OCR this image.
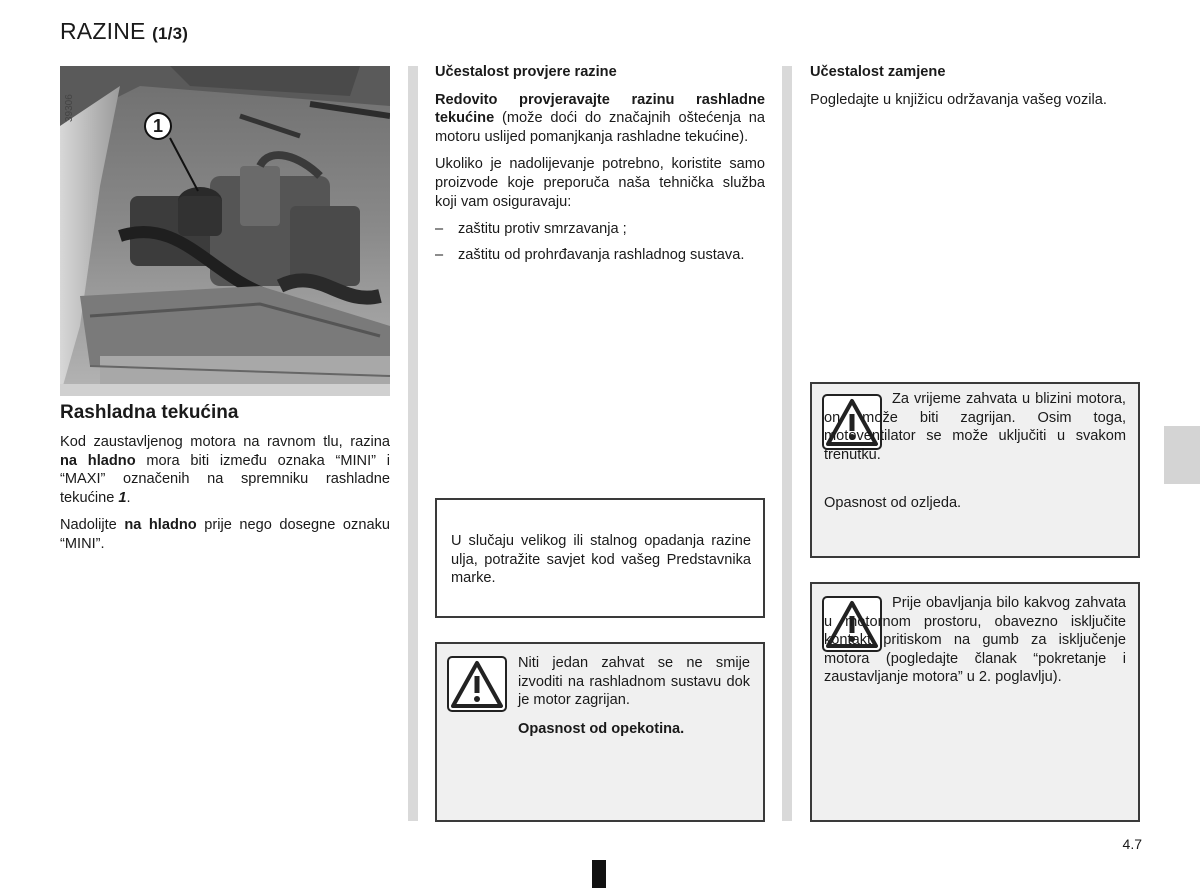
RAZINE (1/3)
1
39306
Rashladna tekućina

Kod zaustavljenog motora na ravnom tlu, razina na hladno mora biti između oznaka “MINI” i “MAXI” označenih na spremniku rashladne tekućine 1.

Nadolijte na hladno prije nego dosegne oznaku “MINI”.

Učestalost provjere razine

Redovito provjeravajte razinu rashladne tekućine (može doći do značajnih oštećenja na motoru uslijed pomanjkanja rashladne tekućine).

Ukoliko je nadolijevanje potrebno, koristite samo proizvode koje preporuča naša tehnička služba koji vam osiguravaju:

– zaštitu protiv smrzavanja ;
– zaštitu od prohrđavanja rashladnog sustava.

Učestalost zamjene

Pogledajte u knjižicu održavanja vašeg vozila.

U slučaju velikog ili stalnog opadanja razine ulja, potražite savjet kod vašeg Predstavnika marke.
Niti jedan zahvat se ne smije izvoditi na rashladnom sustavu dok je motor zagrijan.
Opasnost od opekotina.
Za vrijeme zahvata u blizini motora, on može biti zagrijan. Osim toga, motoventilator se može uključiti u svakom trenutku.
Opasnost od ozljeda.
Prije obavljanja bilo kakvog zahvata u motornom prostoru, obavezno isključite kontakt pritiskom na gumb za isključenje motora (pogledajte članak “pokretanje i zaustavljanje motora” u 2. poglavlju).
4.7
